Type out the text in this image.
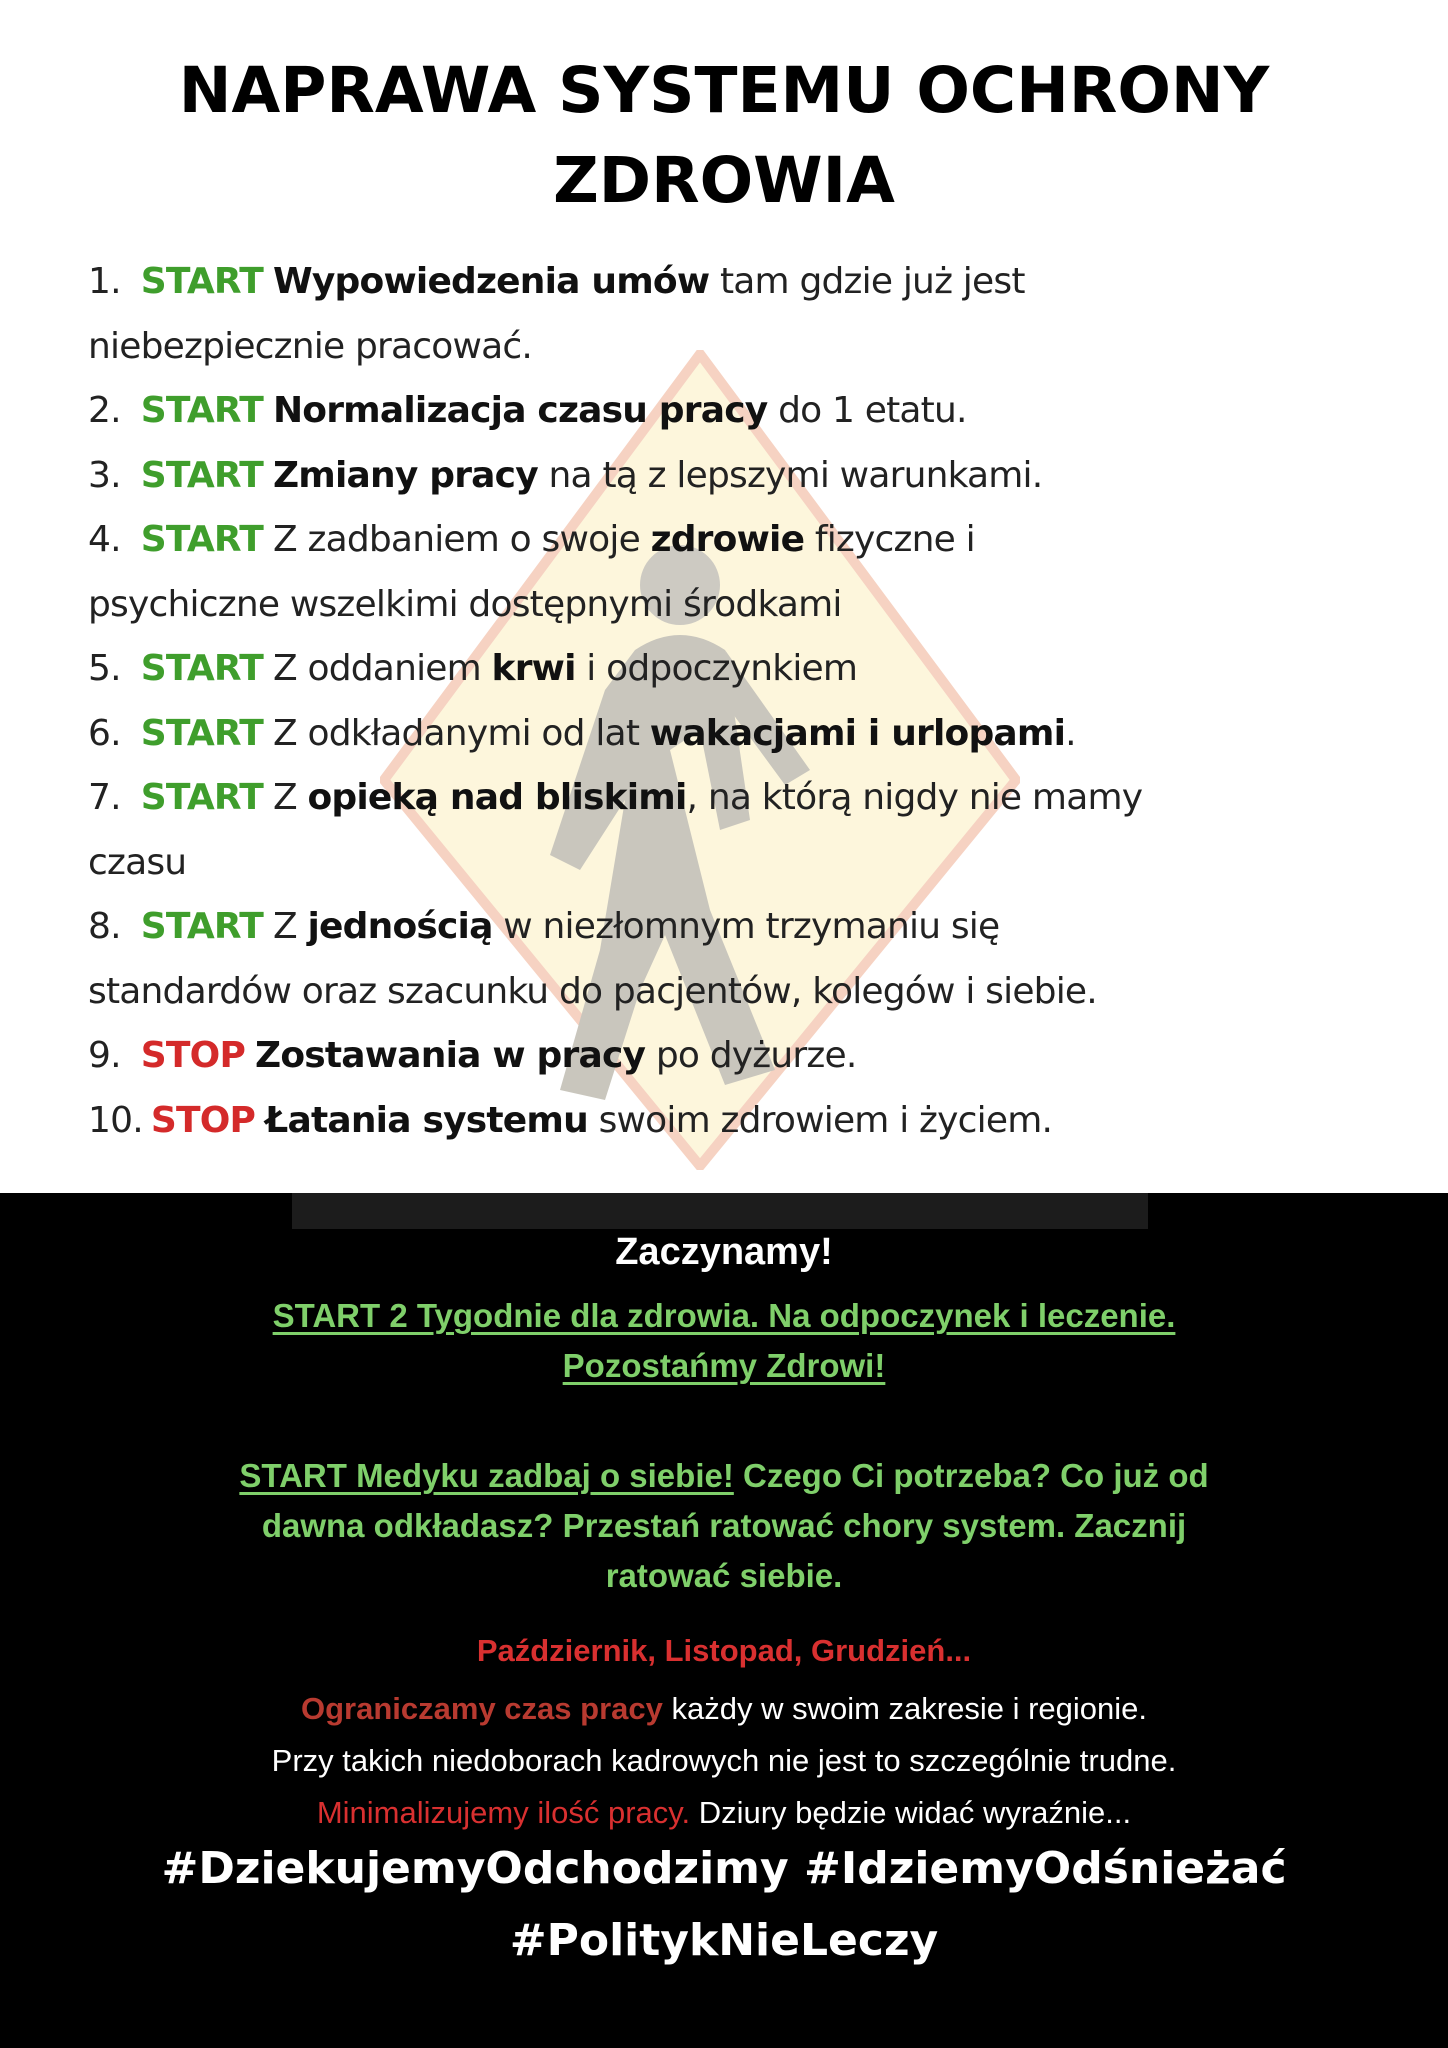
NAPRAWA SYSTEMU OCHRONY
ZDROWIA
1. START Wypowiedzenia umów tam gdzie już jest
niebezpiecznie pracować.
2. START Normalizacja czasu pracy do 1 etatu.
3. START Zmiany pracy na tą z lepszymi warunkami.
4. START Z zadbaniem o swoje zdrowie fizyczne i
psychiczne wszelkimi dostępnymi środkami
5. START Z oddaniem krwi i odpoczynkiem
6. START Z odkładanymi od lat wakacjami i urlopami.
7. START Z opieką nad bliskimi, na którą nigdy nie mamy
czasu
8. START Z jednością w niezłomnym trzymaniu się
standardów oraz szacunku do pacjentów, kolegów i siebie.
9. STOP Zostawania w pracy po dyżurze.
10. STOP Łatania systemu swoim zdrowiem i życiem.
Zaczynamy!
START 2 Tygodnie dla zdrowia. Na odpoczynek i leczenie.
Pozostańmy Zdrowi!
START Medyku zadbaj o siebie! Czego Ci potrzeba? Co już od
dawna odkładasz? Przestań ratować chory system. Zacznij
ratować siebie.
Październik, Listopad, Grudzień...
Ograniczamy czas pracy każdy w swoim zakresie i regionie.
Przy takich niedoborach kadrowych nie jest to szczególnie trudne.
Minimalizujemy ilość pracy. Dziury będzie widać wyraźnie...
#DziekujemyOdchodzimy #IdziemyOdśnieżać
#PolitykNieLeczy
